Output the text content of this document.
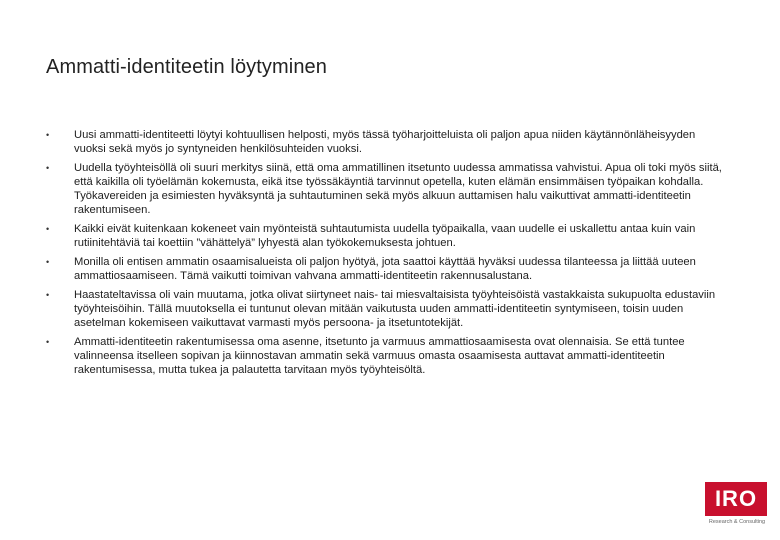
Ammatti-identiteetin löytyminen
• Uusi ammatti-identiteetti löytyi kohtuullisen helposti, myös tässä työharjoitteluista oli paljon apua niiden käytännönläheisyyden vuoksi sekä myös jo syntyneiden henkilösuhteiden vuoksi.
• Uudella työyhteisöllä oli suuri merkitys siinä, että oma ammatillinen itsetunto uudessa ammatissa vahvistui. Apua oli toki myös siitä, että kaikilla oli työelämän kokemusta, eikä itse työssäkäyntiä tarvinnut opetella, kuten elämän ensimmäisen työpaikan kohdalla. Työkavereiden ja esimiesten hyväksyntä ja suhtautuminen sekä myös alkuun auttamisen halu vaikuttivat ammatti-identiteetin rakentumiseen.
• Kaikki eivät kuitenkaan kokeneet vain myönteistä suhtautumista uudella työpaikalla, vaan uudelle ei uskallettu antaa kuin vain rutiinitehtäviä tai koettiin ”vähättelyä” lyhyestä alan työkokemuksesta johtuen.
• Monilla oli entisen ammatin osaamisalueista oli paljon hyötyä, jota saattoi käyttää hyväksi uudessa tilanteessa ja liittää uuteen ammattiosaamiseen. Tämä vaikutti toimivan vahvana ammatti-identiteetin rakennusalustana.
• Haastateltavissa oli vain muutama, jotka olivat siirtyneet nais- tai miesvaltaisista työyhteisöistä vastakkaista sukupuolta edustaviin työyhteisöihin. Tällä muutoksella ei tuntunut olevan mitään vaikutusta uuden ammatti-identiteetin syntymiseen, toisin uuden asetelman kokemiseen vaikuttavat varmasti myös persoona- ja itsetuntotekijät.
• Ammatti-identiteetin rakentumisessa oma asenne, itsetunto ja varmuus ammattiosaamisesta ovat olennaisia. Se että tuntee valinneensa itselleen sopivan ja kiinnostavan ammatin sekä varmuus omasta osaamisesta auttavat ammatti-identiteetin rakentumisessa, mutta tukea ja palautetta tarvitaan myös työyhteisöltä.
IRO
Research & Consulting
